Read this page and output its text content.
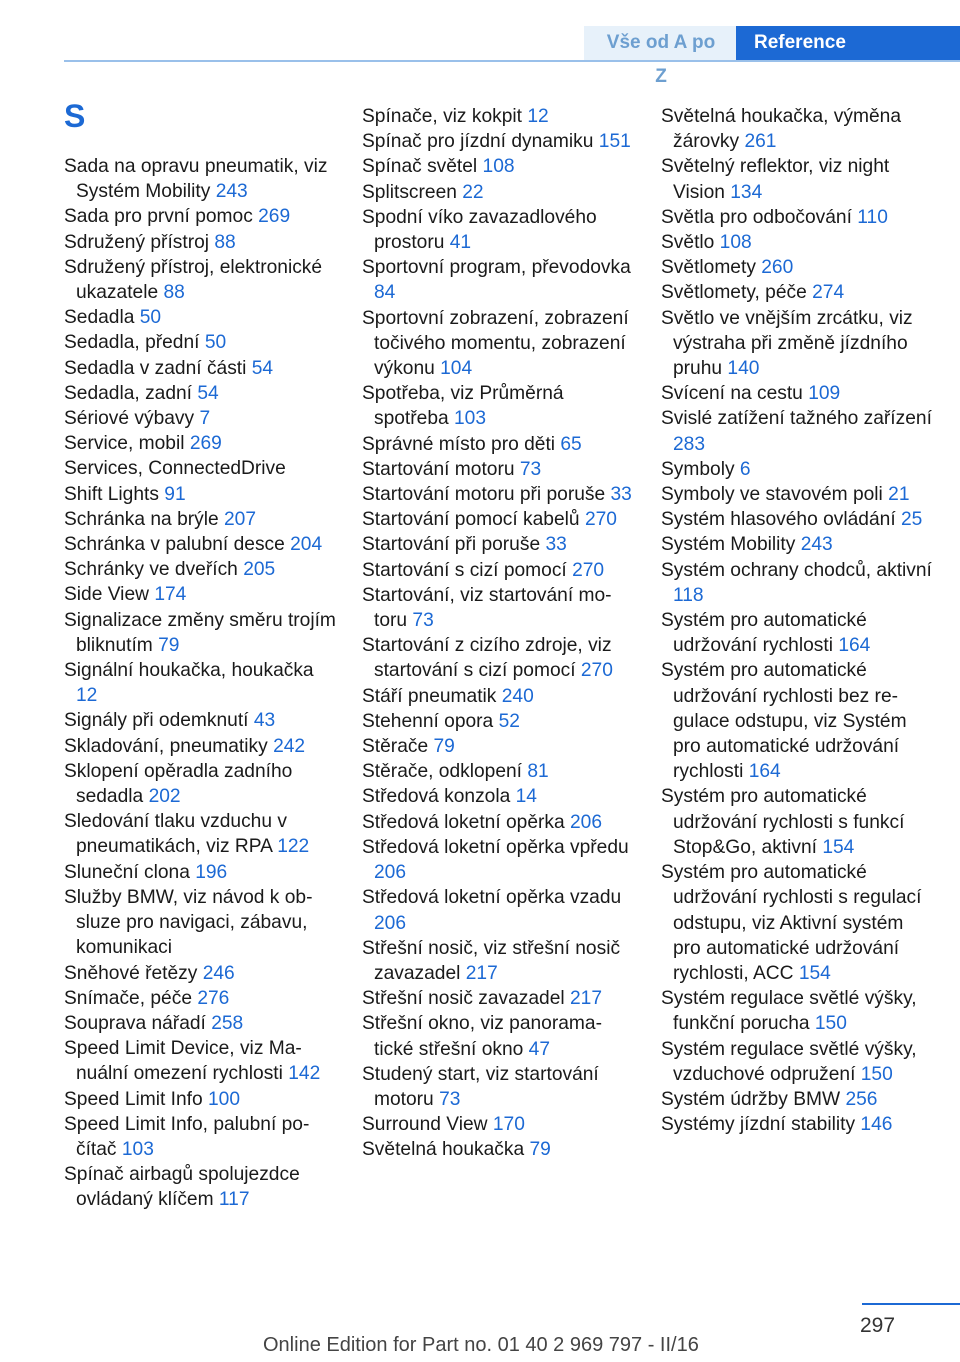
Vše od A po Z
Reference
S
Sada na opravu pneumatik, viz Systém Mobility 243
Sada pro první pomoc 269
Sdružený přístroj 88
Sdružený přístroj, elektronické ukazatele 88
Sedadla 50
Sedadla, přední 50
Sedadla v zadní části 54
Sedadla, zadní 54
Sériové výbavy 7
Service, mobil 269
Services, ConnectedDrive
Shift Lights 91
Schránka na brýle 207
Schránka v palubní desce 204
Schránky ve dveřích 205
Side View 174
Signalizace změny směru trojím bliknutím 79
Signální houkačka, houkačka 12
Signály při odemknutí 43
Skladování, pneumatiky 242
Sklopení opěradla zadního sedadla 202
Sledování tlaku vzduchu v pneumatikách, viz RPA 122
Sluneční clona 196
Služby BMW, viz návod k obsluze pro navigaci, zábavu, komunikaci
Sněhové řetězy 246
Snímače, péče 276
Souprava nářadí 258
Speed Limit Device, viz Manuální omezení rychlosti 142
Speed Limit Info 100
Speed Limit Info, palubní počítač 103
Spínač airbagů spolujezdce ovládaný klíčem 117
Spínače, viz kokpit 12
Spínač pro jízdní dynamiku 151
Spínač světel 108
Splitscreen 22
Spodní víko zavazadlového prostoru 41
Sportovní program, převodovka 84
Sportovní zobrazení, zobrazení točivého momentu, zobrazení výkonu 104
Spotřeba, viz Průměrná spotřeba 103
Správné místo pro děti 65
Startování motoru 73
Startování motoru při poruše 33
Startování pomocí kabelů 270
Startování při poruše 33
Startování s cizí pomocí 270
Startování, viz startování motoru 73
Startování z cizího zdroje, viz startování s cizí pomocí 270
Stáří pneumatik 240
Stehenní opora 52
Stěrače 79
Stěrače, odklopení 81
Středová konzola 14
Středová loketní opěrka 206
Středová loketní opěrka vpředu 206
Středová loketní opěrka vzadu 206
Střešní nosič, viz střešní nosič zavazadel 217
Střešní nosič zavazadel 217
Střešní okno, viz panoramatické střešní okno 47
Studený start, viz startování motoru 73
Surround View 170
Světelná houkačka 79
Světelná houkačka, výměna žárovky 261
Světelný reflektor, viz night Vision 134
Světla pro odbočování 110
Světlo 108
Světlomety 260
Světlomety, péče 274
Světlo ve vnějším zrcátku, viz výstraha při změně jízdního pruhu 140
Svícení na cestu 109
Svislé zatížení tažného zařízení 283
Symboly 6
Symboly ve stavovém poli 21
Systém hlasového ovládání 25
Systém Mobility 243
Systém ochrany chodců, aktivní 118
Systém pro automatické udržování rychlosti 164
Systém pro automatické udržování rychlosti bez regulace odstupu, viz Systém pro automatické udržování rychlosti 164
Systém pro automatické udržování rychlosti s funkcí Stop&Go, aktivní 154
Systém pro automatické udržování rychlosti s regulací odstupu, viz Aktivní systém pro automatické udržování rychlosti, ACC 154
Systém regulace světlé výšky, funkční porucha 150
Systém regulace světlé výšky, vzduchové odpružení 150
Systém údržby BMW 256
Systémy jízdní stability 146
297
Online Edition for Part no. 01 40 2 969 797 - II/16
